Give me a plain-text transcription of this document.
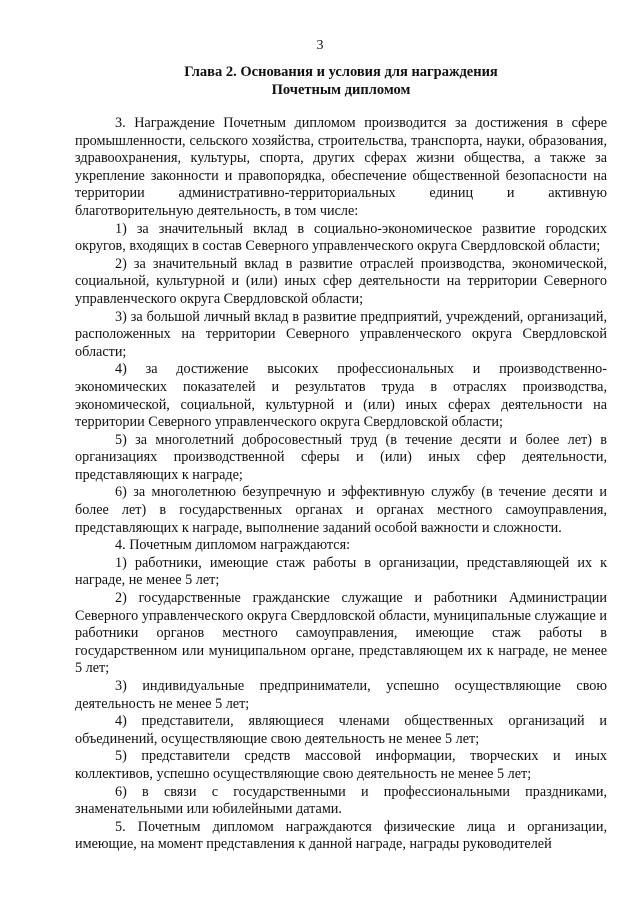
3
Глава 2. Основания и условия для награждения
Почетным дипломом

3. Награждение Почетным дипломом производится за достижения в сфере промышленности, сельского хозяйства, строительства, транспорта, науки, образования, здравоохранения, культуры, спорта, других сферах жизни общества, а также за укрепление законности и правопорядка, обеспечение общественной безопасности на территории административно-территориальных единиц и активную благотворительную деятельность, в том числе:

1) за значительный вклад в социально-экономическое развитие городских округов, входящих в состав Северного управленческого округа Свердловской области;

2) за значительный вклад в развитие отраслей производства, экономической, социальной, культурной и (или) иных сфер деятельности на территории Северного управленческого округа Свердловской области;

3) за большой личный вклад в развитие предприятий, учреждений, организаций, расположенных на территории Северного управленческого округа Свердловской области;

4) за достижение высоких профессиональных и производственно-экономических показателей и результатов труда в отраслях производства, экономической, социальной, культурной и (или) иных сферах деятельности на территории Северного управленческого округа Свердловской области;

5) за многолетний добросовестный труд (в течение десяти и более лет) в организациях производственной сферы и (или) иных сфер деятельности, представляющих к награде;

6) за многолетнюю безупречную и эффективную службу (в течение десяти и более лет) в государственных органах и органах местного самоуправления, представляющих к награде, выполнение заданий особой важности и сложности.

4. Почетным дипломом награждаются:

1) работники, имеющие стаж работы в организации, представляющей их к награде, не менее 5 лет;

2) государственные гражданские служащие и работники Администрации Северного управленческого округа Свердловской области, муниципальные служащие и работники органов местного самоуправления, имеющие стаж работы в государственном или муниципальном органе, представляющем их к награде, не менее 5 лет;

3) индивидуальные предприниматели, успешно осуществляющие свою деятельность не менее 5 лет;

4) представители, являющиеся членами общественных организаций и объединений, осуществляющие свою деятельность не менее 5 лет;

5) представители средств массовой информации, творческих и иных коллективов, успешно осуществляющие свою деятельность не менее 5 лет;

6) в связи с государственными и профессиональными праздниками, знаменательными или юбилейными датами.

5. Почетным дипломом награждаются физические лица и организации, имеющие, на момент представления к данной награде, награды руководителей
